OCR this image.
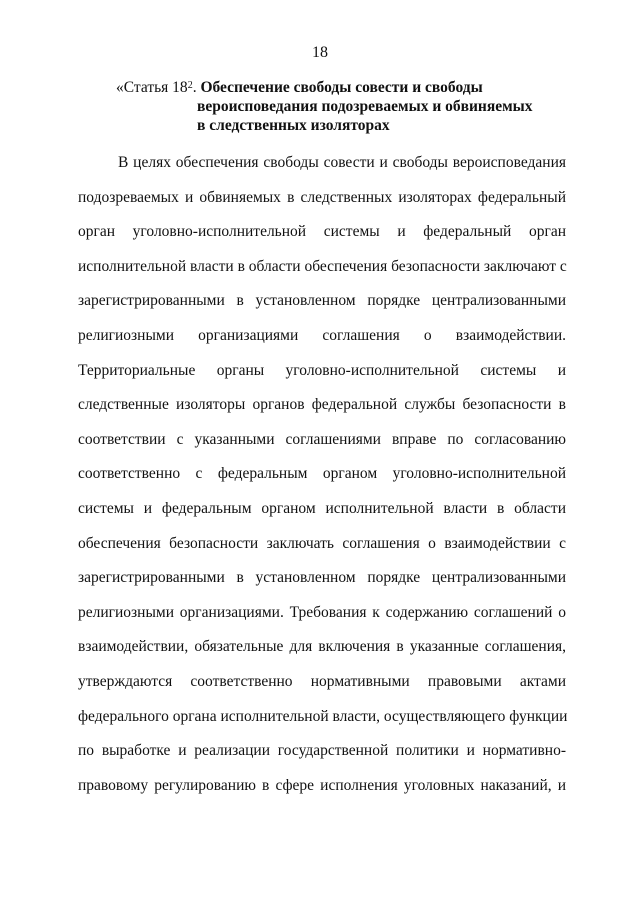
18
«Статья $18^2$. Обеспечение свободы совести и свободы
вероисповедания подозреваемых и обвиняемых
в следственных изоляторах
В целях обеспечения свободы совести и свободы вероисповедания
подозреваемых и обвиняемых в следственных изоляторах федеральный
орган уголовно-исполнительной системы и федеральный орган
исполнительной власти в области обеспечения безопасности заключают с
зарегистрированными в установленном порядке централизованными
религиозными организациями соглашения о взаимодействии.
Территориальные органы уголовно-исполнительной системы и
следственные изоляторы органов федеральной службы безопасности в
соответствии с указанными соглашениями вправе по согласованию
соответственно с федеральным органом уголовно-исполнительной
системы и федеральным органом исполнительной власти в области
обеспечения безопасности заключать соглашения о взаимодействии с
зарегистрированными в установленном порядке централизованными
религиозными организациями. Требования к содержанию соглашений о
взаимодействии, обязательные для включения в указанные соглашения,
утверждаются соответственно нормативными правовыми актами
федерального органа исполнительной власти, осуществляющего функции
по выработке и реализации государственной политики и нормативно-
правовому регулированию в сфере исполнения уголовных наказаний, и
